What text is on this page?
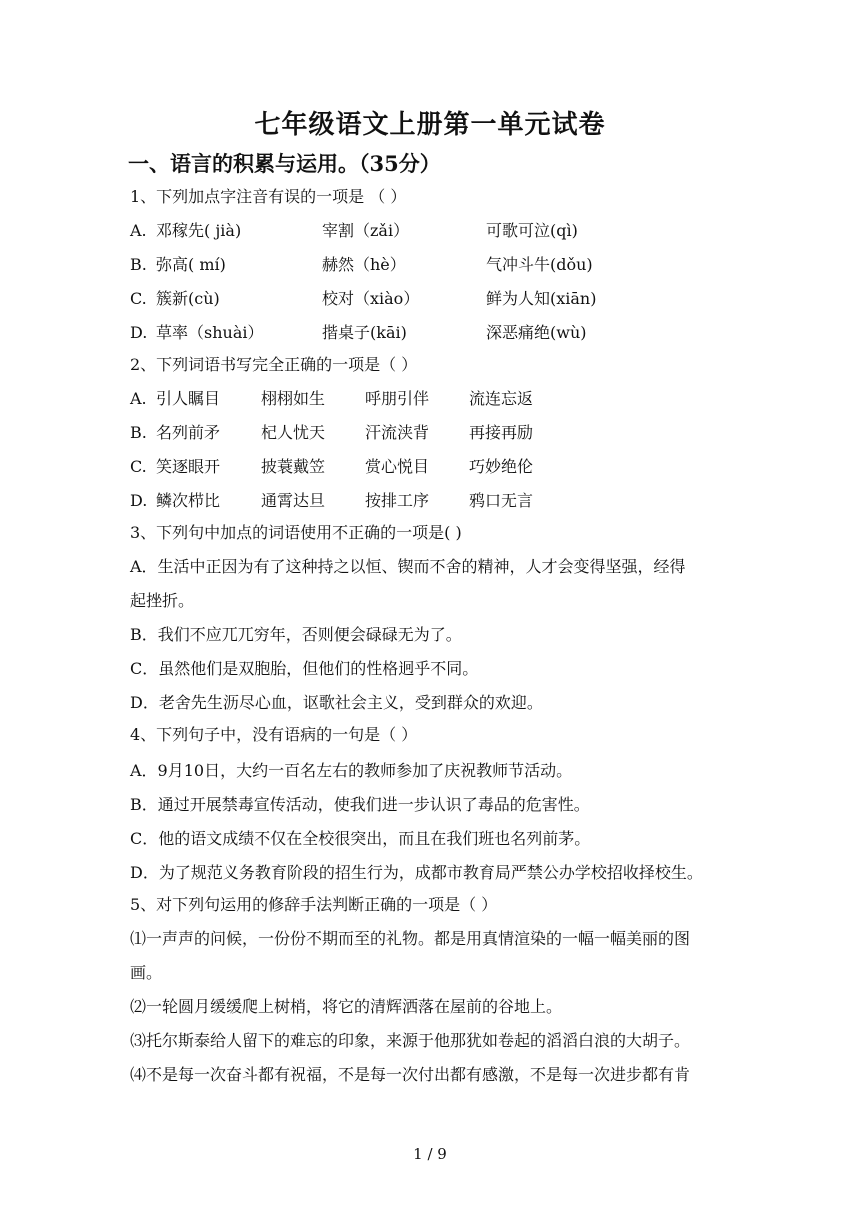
七年级语文上册第一单元试卷
一、语言的积累与运用。（35分）
1、下列加点字注音有误的一项是 （ ）
A. 邓稼先( jià)	宰割（zǎi）	可歌可泣(qì)
B. 弥高( mí)	赫然（hè）	气冲斗牛(dǒu)
C. 簇新(cù)	校对（xiào）	鲜为人知(xiān)
D. 草率（shuài）	揩桌子(kāi)	深恶痛绝(wù)
2、下列词语书写完全正确的一项是（ ）
A. 引人瞩目	栩栩如生 呼朋引伴 流连忘返
B. 名列前矛	杞人忧天 汗流浃背 再接再励
C. 笑逐眼开	披蓑戴笠 赏心悦目 巧妙绝伦
D. 鳞次栉比	通霄达旦 按排工序 鸦口无言
3、下列句中加点的词语使用不正确的一项是( )
A．生活中正因为有了这种持之以恒、锲而不舍的精神，人才会变得坚强，经得
起挫折。
B．我们不应兀兀穷年，否则便会碌碌无为了。
C．虽然他们是双胞胎，但他们的性格迥乎不同。
D．老舍先生沥尽心血，讴歌社会主义，受到群众的欢迎。
4、下列句子中，没有语病的一句是（ ）
A．9月10日，大约一百名左右的教师参加了庆祝教师节活动。
B．通过开展禁毒宣传活动，使我们进一步认识了毒品的危害性。
C．他的语文成绩不仅在全校很突出，而且在我们班也名列前茅。
D．为了规范义务教育阶段的招生行为，成都市教育局严禁公办学校招收择校生。
5、对下列句运用的修辞手法判断正确的一项是（ ）
⑴一声声的问候，一份份不期而至的礼物。都是用真情渲染的一幅一幅美丽的图
画。
⑵一轮圆月缓缓爬上树梢，将它的清辉洒落在屋前的谷地上。
⑶托尔斯泰给人留下的难忘的印象，来源于他那犹如卷起的滔滔白浪的大胡子。
⑷不是每一次奋斗都有祝福，不是每一次付出都有感激，不是每一次进步都有肯
1 / 9
